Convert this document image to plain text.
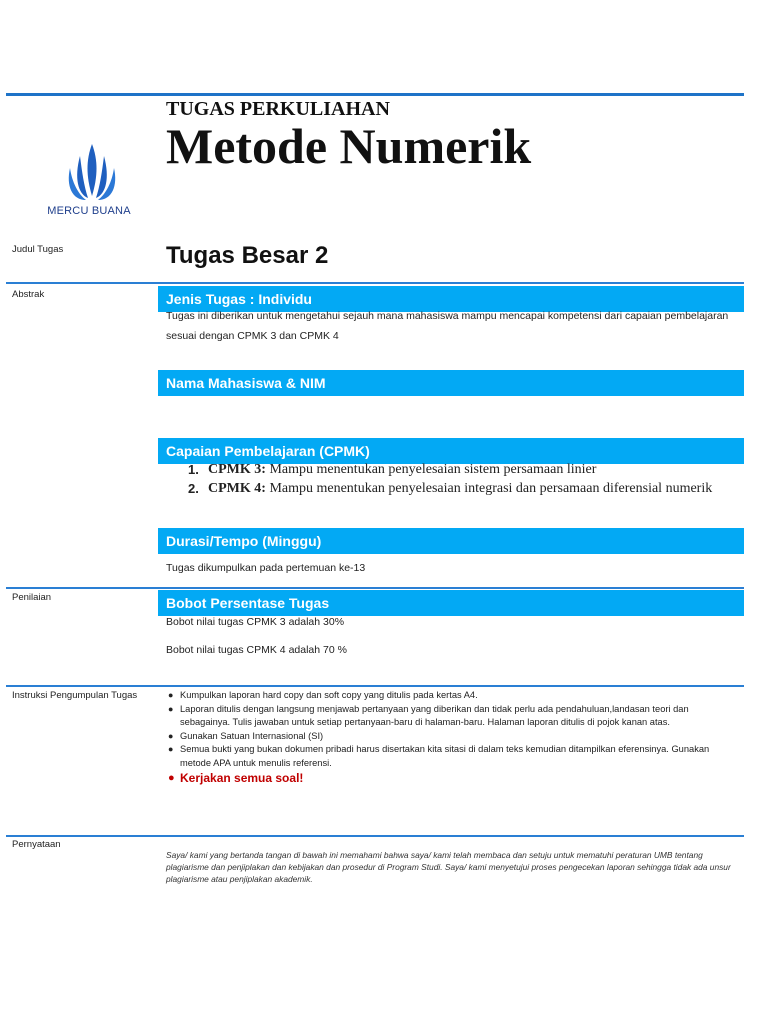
MERCU BUANA
TUGAS PERKULIAHAN
Metode Numerik
Judul Tugas	Tugas Besar 2
Abstrak	Jenis Tugas : Individu
Tugas ini diberikan untuk mengetahui sejauh mana mahasiswa mampu mencapai kompetensi dari capaian pembelajaran sesuai dengan CPMK 3 dan CPMK 4
Nama Mahasiswa & NIM
Capaian Pembelajaran (CPMK)
1. CPMK 3: Mampu menentukan penyelesaian sistem persamaan linier
2. CPMK 4: Mampu menentukan penyelesaian integrasi dan persamaan diferensial numerik
Durasi/Tempo (Minggu)
Tugas dikumpulkan pada pertemuan ke-13
Penilaian	Bobot Persentase Tugas
Bobot nilai tugas CPMK 3 adalah 30%
Bobot nilai tugas CPMK 4 adalah 70 %
Instruksi Pengumpulan Tugas	● Kumpulkan laporan hard copy dan soft copy yang ditulis pada kertas A4.
● Laporan ditulis dengan langsung menjawab pertanyaan yang diberikan dan tidak perlu ada pendahuluan,landasan teori dan sebagainya. Tulis jawaban untuk setiap pertanyaan-baru di halaman-baru. Halaman laporan ditulis di pojok kanan atas.
● Gunakan Satuan Internasional (SI)
● Semua bukti yang bukan dokumen pribadi harus disertakan kita sitasi di dalam teks kemudian ditampilkan eferensinya. Gunakan metode APA untuk menulis referensi.
● Kerjakan semua soal!
Pernyataan
Saya/ kami yang bertanda tangan di bawah ini memahami bahwa saya/ kami telah membaca dan setuju untuk mematuhi peraturan UMB tentang plagiarisme dan penjiplakan dan kebijakan dan prosedur di Program Studi. Saya/ kami menyetujui proses pengecekan laporan sehingga tidak ada unsur plagiarisme atau penjiplakan akademik.
